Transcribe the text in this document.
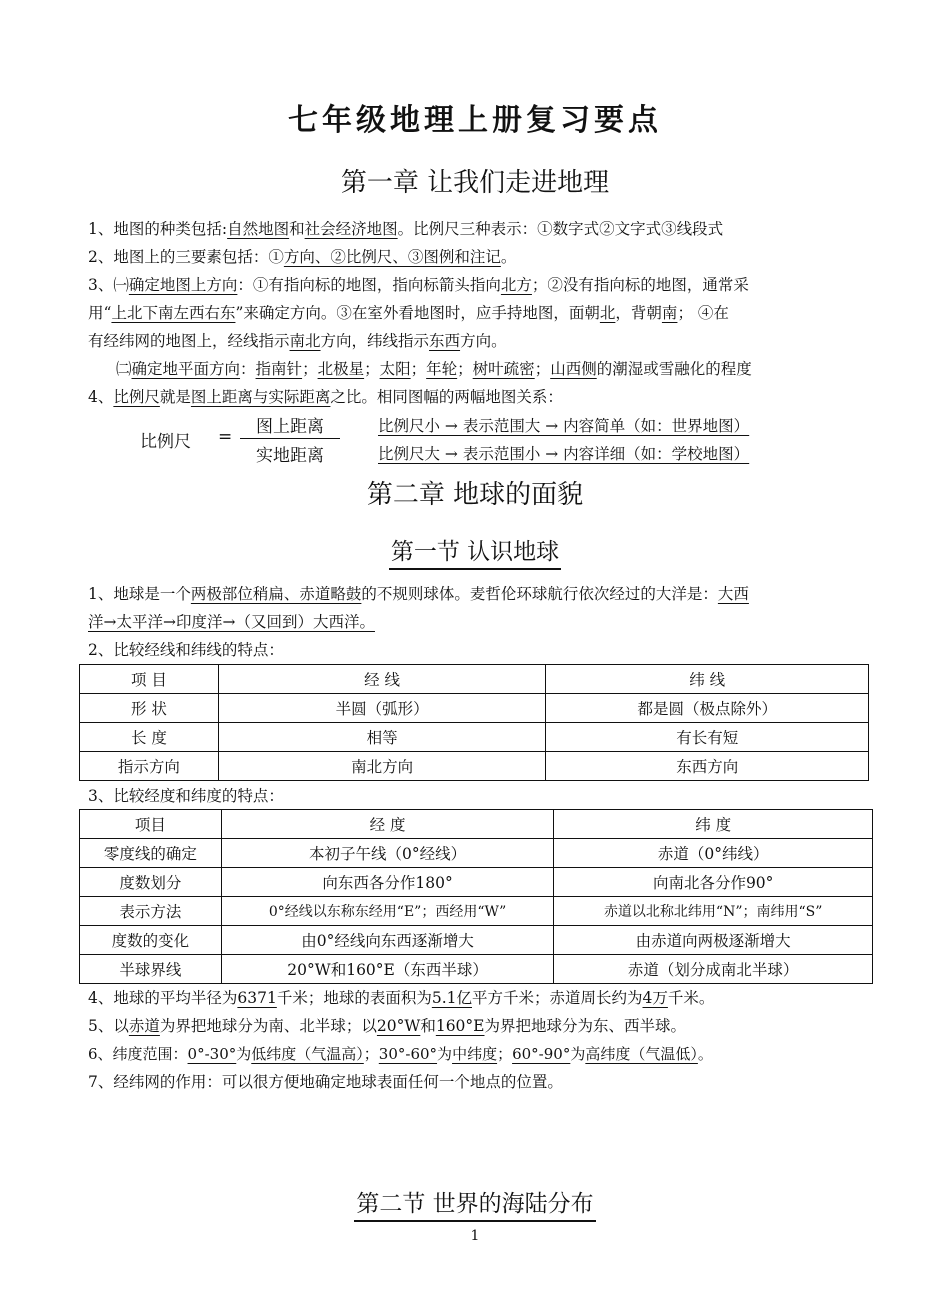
七年级地理上册复习要点
第一章 让我们走进地理
1、地图的种类包括:自然地图和社会经济地图。比例尺三种表示：①数字式②文字式③线段式
2、地图上的三要素包括：①方向、②比例尺、③图例和注记。
3、㈠确定地图上方向：①有指向标的地图，指向标箭头指向北方；②没有指向标的地图，通常采
用“上北下南左西右东”来确定方向。③在室外看地图时，应手持地图，面朝北，背朝南； ④在
有经纬网的地图上，经线指示南北方向，纬线指示东西方向。
㈡确定地平面方向：指南针；北极星；太阳；年轮；树叶疏密；山西侧的潮湿或雪融化的程度
4、比例尺就是图上距离与实际距离之比。相同图幅的两幅地图关系：
比例尺 =	图上距离
实地距离
比例尺小 → 表示范围大 → 内容简单（如：世界地图）
比例尺大 → 表示范围小 → 内容详细（如：学校地图）
第二章 地球的面貌
第一节 认识地球
1、地球是一个两极部位稍扁、赤道略鼓的不规则球体。麦哲伦环球航行依次经过的大洋是：大西
洋→太平洋→印度洋→（又回到）大西洋。
2、比较经线和纬线的特点：
项 目	经 线	纬 线
形 状	半圆（弧形）	都是圆（极点除外）
长 度	相等	有长有短
指示方向	南北方向	东西方向
3、比较经度和纬度的特点：
项目	经 度	纬 度
零度线的确定	本初子午线（0°经线）	赤道（0°纬线）
度数划分	向东西各分作180°	向南北各分作90°
表示方法	0°经线以东称东经用“E”；西经用“W”	赤道以北称北纬用“N”；南纬用“S”
度数的变化	由0°经线向东西逐渐增大	由赤道向两极逐渐增大
半球界线	20°W和160°E（东西半球）	赤道（划分成南北半球）
4、地球的平均半径为6371千米；地球的表面积为5.1亿平方千米；赤道周长约为4万千米。
5、以赤道为界把地球分为南、北半球；以20°W和160°E为界把地球分为东、西半球。
6、纬度范围：0°-30°为低纬度（气温高）；30°-60°为中纬度；60°-90°为高纬度（气温低）。
7、经纬网的作用：可以很方便地确定地球表面任何一个地点的位置。
第二节 世界的海陆分布
1
